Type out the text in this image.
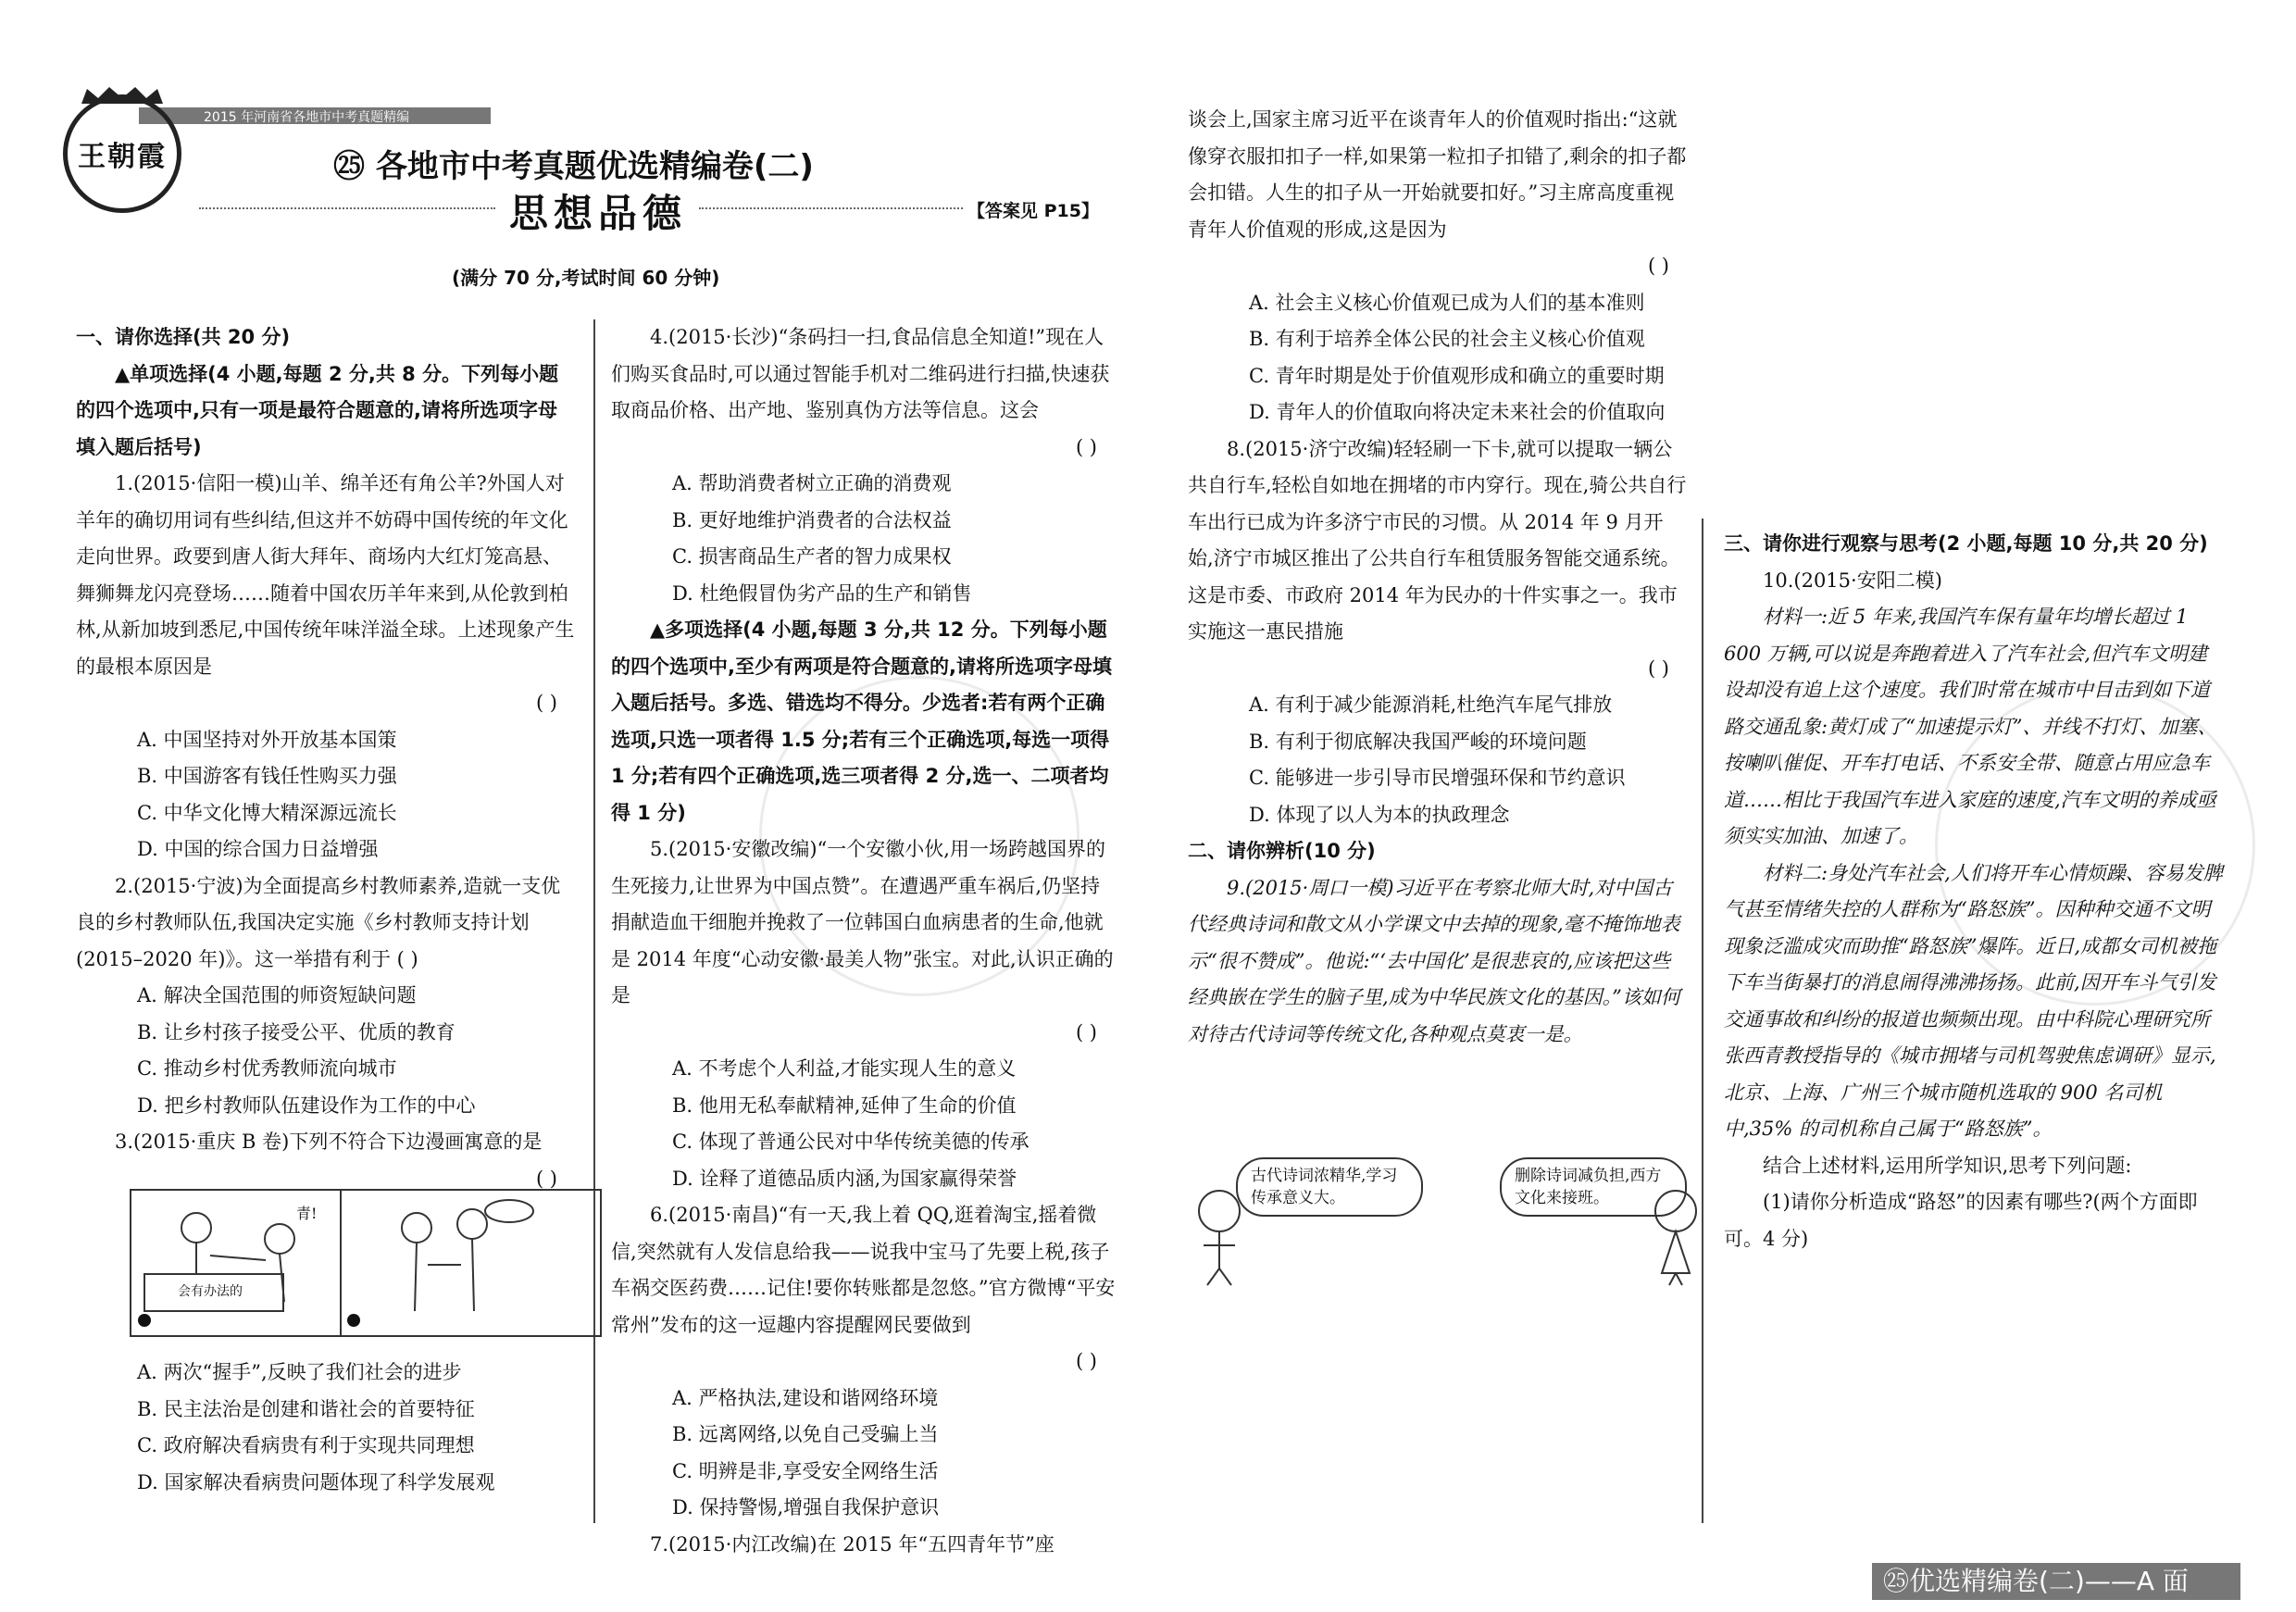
2015 年河南省各地市中考真题精编
王朝霞	㉕ 各地市中考真题优选精编卷(二)
思想品德	【答案见 P15】
(满分 70 分,考试时间 60 分钟)

一、请你选择(共 20 分)

▲单项选择(4 小题,每题 2 分,共 8 分。下列每小题的四个选项中,只有一项是最符合题意的,请将所选项字母填入题后括号)

1.(2015·信阳一模)山羊、绵羊还有角公羊?外国人对羊年的确切用词有些纠结,但这并不妨碍中国传统的年文化走向世界。政要到唐人街大拜年、商场内大红灯笼高悬、舞狮舞龙闪亮登场……随着中国农历羊年来到,从伦敦到柏林,从新加坡到悉尼,中国传统年味洋溢全球。上述现象产生的最根本原因是

( )

A. 中国坚持对外开放基本国策

B. 中国游客有钱任性购买力强

C. 中华文化博大精深源远流长

D. 中国的综合国力日益增强

2.(2015·宁波)为全面提高乡村教师素养,造就一支优良的乡村教师队伍,我国决定实施《乡村教师支持计划(2015–2020 年)》。这一举措有利于 ( )

A. 解决全国范围的师资短缺问题

B. 让乡村孩子接受公平、优质的教育

C. 推动乡村优秀教师流向城市

D. 把乡村教师队伍建设作为工作的中心

3.(2015·重庆 B 卷)下列不符合下边漫画寓意的是

( )

A. 两次“握手”,反映了我们社会的进步

B. 民主法治是创建和谐社会的首要特征

C. 政府解决看病贵有利于实现共同理想

D. 国家解决看病贵问题体现了科学发展观

会有办法的
青!

4.(2015·长沙)“条码扫一扫,食品信息全知道!”现在人们购买食品时,可以通过智能手机对二维码进行扫描,快速获取商品价格、出产地、鉴别真伪方法等信息。这会

( )

A. 帮助消费者树立正确的消费观

B. 更好地维护消费者的合法权益

C. 损害商品生产者的智力成果权

D. 杜绝假冒伪劣产品的生产和销售

▲多项选择(4 小题,每题 3 分,共 12 分。下列每小题的四个选项中,至少有两项是符合题意的,请将所选项字母填入题后括号。多选、错选均不得分。少选者:若有两个正确选项,只选一项者得 1.5 分;若有三个正确选项,每选一项得 1 分;若有四个正确选项,选三项者得 2 分,选一、二项者均得 1 分)

5.(2015·安徽改编)“一个安徽小伙,用一场跨越国界的生死接力,让世界为中国点赞”。在遭遇严重车祸后,仍坚持捐献造血干细胞并挽救了一位韩国白血病患者的生命,他就是 2014 年度“心动安徽·最美人物”张宝。对此,认识正确的是

( )

A. 不考虑个人利益,才能实现人生的意义

B. 他用无私奉献精神,延伸了生命的价值

C. 体现了普通公民对中华传统美德的传承

D. 诠释了道德品质内涵,为国家赢得荣誉

6.(2015·南昌)“有一天,我上着 QQ,逛着淘宝,摇着微信,突然就有人发信息给我——说我中宝马了先要上税,孩子车祸交医药费……记住!要你转账都是忽悠。”官方微博“平安常州”发布的这一逗趣内容提醒网民要做到

( )

A. 严格执法,建设和谐网络环境

B. 远离网络,以免自己受骗上当

C. 明辨是非,享受安全网络生活

D. 保持警惕,增强自我保护意识

7.(2015·内江改编)在 2015 年“五四青年节”座

谈会上,国家主席习近平在谈青年人的价值观时指出:“这就像穿衣服扣扣子一样,如果第一粒扣子扣错了,剩余的扣子都会扣错。人生的扣子从一开始就要扣好。”习主席高度重视青年人价值观的形成,这是因为

( )

A. 社会主义核心价值观已成为人们的基本准则

B. 有利于培养全体公民的社会主义核心价值观

C. 青年时期是处于价值观形成和确立的重要时期

D. 青年人的价值取向将决定未来社会的价值取向

8.(2015·济宁改编)轻轻刷一下卡,就可以提取一辆公共自行车,轻松自如地在拥堵的市内穿行。现在,骑公共自行车出行已成为许多济宁市民的习惯。从 2014 年 9 月开始,济宁市城区推出了公共自行车租赁服务智能交通系统。这是市委、市政府 2014 年为民办的十件实事之一。我市实施这一惠民措施

( )

A. 有利于减少能源消耗,杜绝汽车尾气排放

B. 有利于彻底解决我国严峻的环境问题

C. 能够进一步引导市民增强环保和节约意识

D. 体现了以人为本的执政理念

二、请你辨析(10 分)

9.(2015·周口一模)习近平在考察北师大时,对中国古代经典诗词和散文从小学课文中去掉的现象,毫不掩饰地表示“很不赞成”。他说:“‘去中国化’是很悲哀的,应该把这些经典嵌在学生的脑子里,成为中华民族文化的基因。”该如何对待古代诗词等传统文化,各种观点莫衷一是。

古代诗词浓精华,学习传承意义大。
删除诗词减负担,西方文化来接班。

三、请你进行观察与思考(2 小题,每题 10 分,共 20 分)

10.(2015·安阳二模)

材料一:近 5 年来,我国汽车保有量年均增长超过 1 600 万辆,可以说是奔跑着进入了汽车社会,但汽车文明建设却没有追上这个速度。我们时常在城市中目击到如下道路交通乱象:黄灯成了“加速提示灯”、并线不打灯、加塞、按喇叭催促、开车打电话、不系安全带、随意占用应急车道……相比于我国汽车进入家庭的速度,汽车文明的养成亟须实实加油、加速了。

材料二:身处汽车社会,人们将开车心情烦躁、容易发脾气甚至情绪失控的人群称为“路怒族”。因种种交通不文明现象泛滥成灾而助推“路怒族”爆阵。近日,成都女司机被拖下车当街暴打的消息闹得沸沸扬扬。此前,因开车斗气引发交通事故和纠纷的报道也频频出现。由中科院心理研究所张西青教授指导的《城市拥堵与司机驾驶焦虑调研》显示,北京、上海、广州三个城市随机选取的 900 名司机中,35% 的司机称自己属于“路怒族”。

结合上述材料,运用所学知识,思考下列问题:

(1)请你分析造成“路怒”的因素有哪些?(两个方面即可。4 分)

㉕优选精编卷(二)——A 面
